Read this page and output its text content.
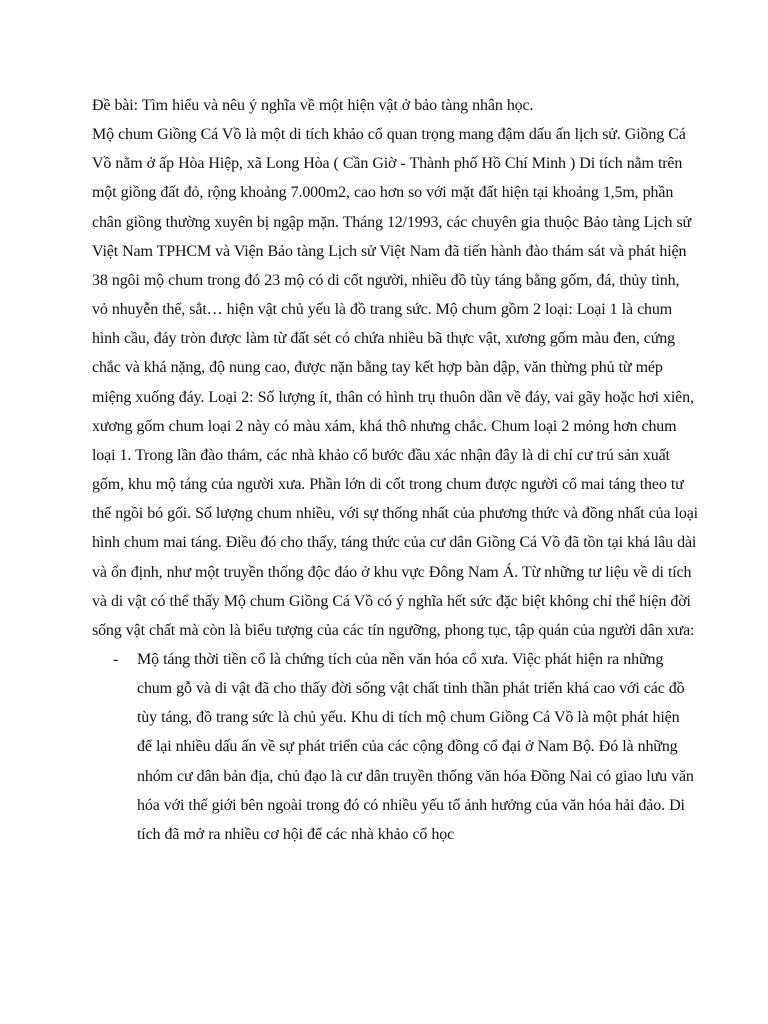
Đề bài: Tìm hiểu và nêu ý nghĩa về một hiện vật ở bảo tàng nhân học.

Mộ chum Giồng Cá Vồ là một di tích khảo cổ quan trọng mang đậm dấu ấn lịch sử. Giồng Cá Vồ nằm ở ấp Hòa Hiệp, xã Long Hòa ( Cần Giờ - Thành phố Hồ Chí Minh ) Di tích nằm trên một giồng đất đỏ, rộng khoảng 7.000m2, cao hơn so với mặt đất hiện tại khoảng 1,5m, phần chân giồng thường xuyên bị ngập mặn. Tháng 12/1993, các chuyên gia thuộc Bảo tàng Lịch sử Việt Nam TPHCM và Viện Bảo tàng Lịch sử Việt Nam đã tiến hành đào thám sát và phát hiện 38 ngôi mộ chum trong đó 23 mộ có di cốt người, nhiều đồ tùy táng bằng gốm, đá, thủy tinh, vỏ nhuyễn thể, sắt… hiện vật chủ yếu là đồ trang sức. Mộ chum gồm 2 loại: Loại 1 là chum hình cầu, đáy tròn được làm từ đất sét có chứa nhiều bã thực vật, xương gốm màu đen, cứng chắc và khá nặng, độ nung cao, được nặn bằng tay kết hợp bàn dập, văn thừng phủ từ mép miệng xuống đáy. Loại 2: Số lượng ít, thân có hình trụ thuôn dần về đáy, vai gãy hoặc hơi xiên, xương gốm chum loại 2 này có màu xám, khá thô nhưng chắc. Chum loại 2 mỏng hơn chum loại 1. Trong lần đào thám, các nhà khảo cổ bước đầu xác nhận đây là di chỉ cư trú sản xuất gốm, khu mộ táng của người xưa. Phần lớn di cốt trong chum được người cổ mai táng theo tư thế ngồi bó gối. Số lượng chum nhiều, với sự thống nhất của phương thức và đồng nhất của loại hình chum mai táng. Điều đó cho thấy, táng thức của cư dân Giồng Cá Vồ đã tồn tại khá lâu dài và ổn định, như một truyền thống độc đáo ở khu vực Đông Nam Á. Từ những tư liệu về di tích và di vật có thể thấy Mộ chum Giồng Cá Vồ có ý nghĩa hết sức đặc biệt không chỉ thể hiện đời sống vật chất mà còn là biểu tượng của các tín ngưỡng, phong tục, tập quán của người dân xưa:

- Mộ táng thời tiền cổ là chứng tích của nền văn hóa cổ xưa. Việc phát hiện ra những chum gỗ và di vật đã cho thấy đời sống vật chất tinh thần phát triển khá cao với các đồ tùy táng, đồ trang sức là chủ yếu. Khu di tích mộ chum Giồng Cá Vồ là một phát hiện để lại nhiều dấu ấn về sự phát triển của các cộng đồng cổ đại ở Nam Bộ. Đó là những nhóm cư dân bản địa, chủ đạo là cư dân truyền thống văn hóa Đồng Nai có giao lưu văn hóa với thế giới bên ngoài trong đó có nhiều yếu tố ảnh hưởng của văn hóa hải đảo. Di tích đã mở ra nhiều cơ hội để các nhà khảo cổ học
